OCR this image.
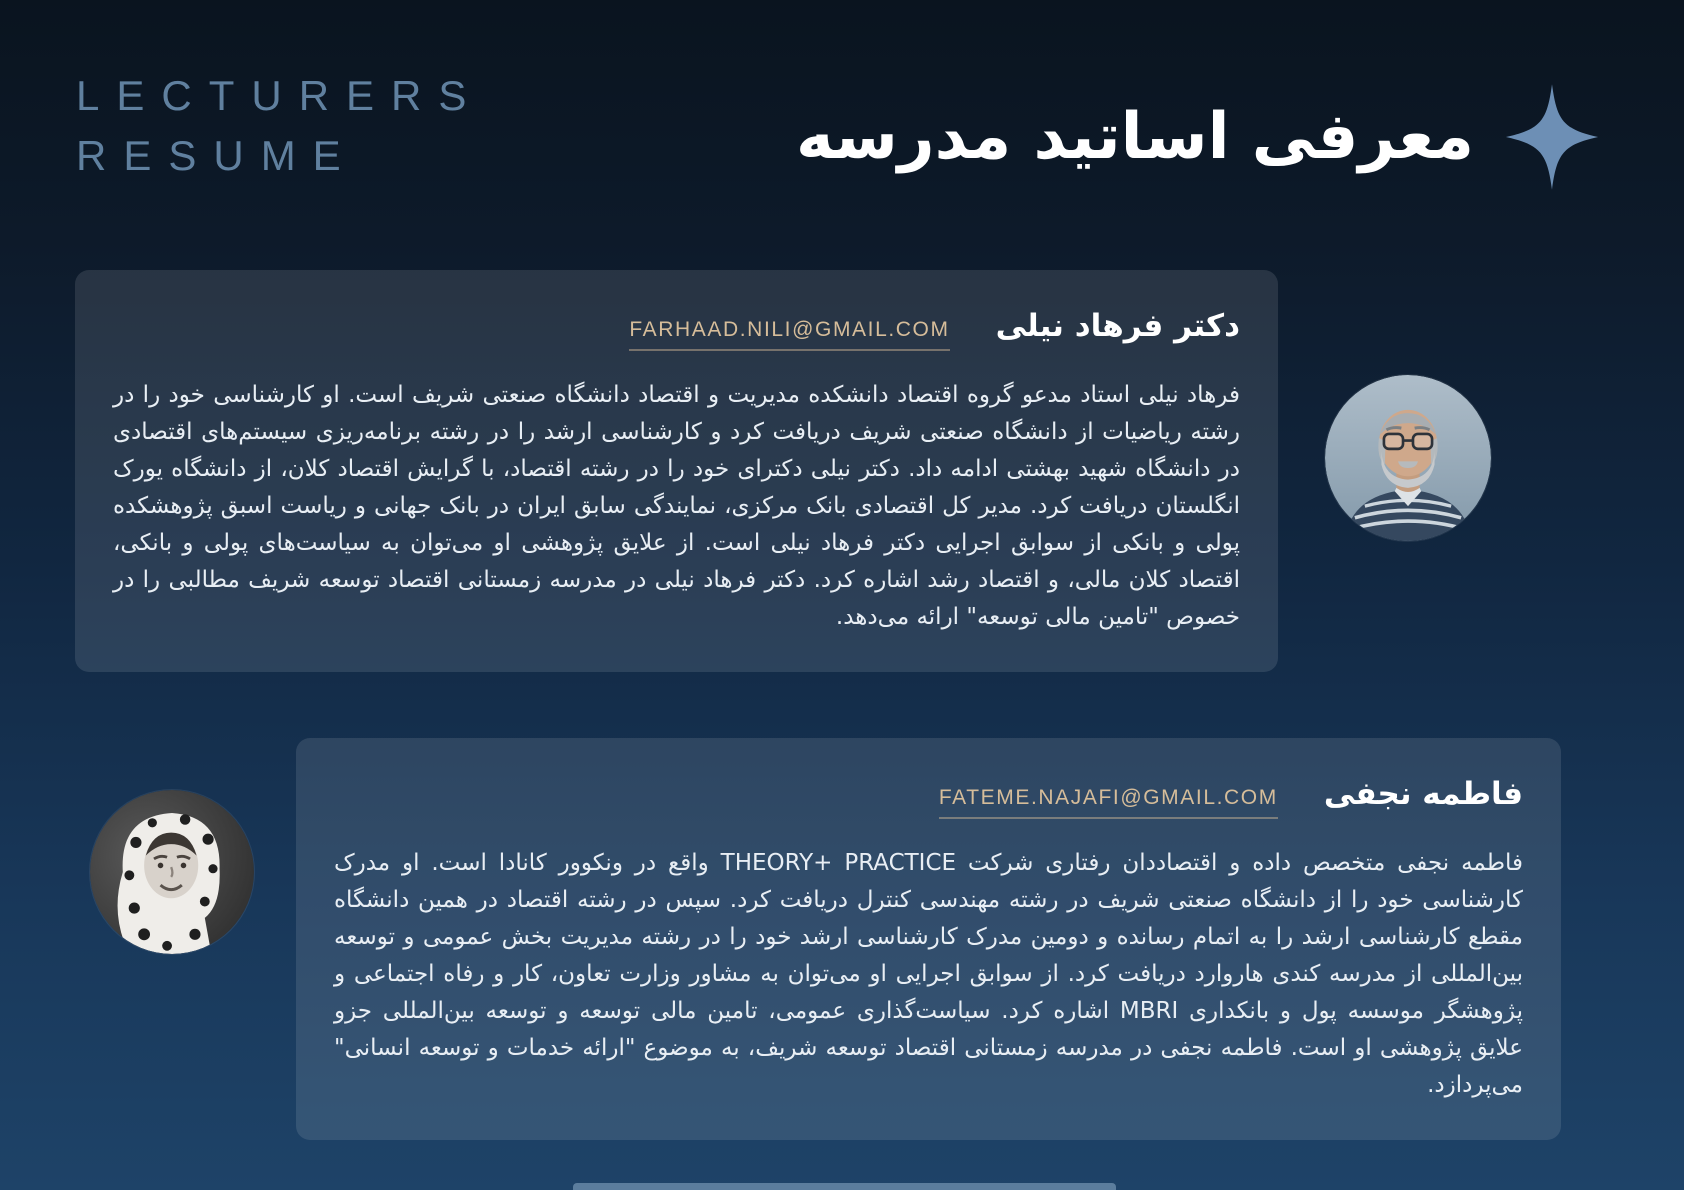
LECTURERS
RESUME	معرفی اساتید مدرسه
دکتر فرهاد نیلی
FARHAAD.NILI@GMAIL.COM
فرهاد نیلی استاد مدعو گروه اقتصاد دانشکده مدیریت و اقتصاد دانشگاه صنعتی شریف است. او کارشناسی خود را در رشته ریاضیات از دانشگاه صنعتی شریف دریافت کرد و کارشناسی ارشد را در رشته برنامه‌ریزی سیستم‌های اقتصادی در دانشگاه شهید بهشتی ادامه داد. دکتر نیلی دکترای خود را در رشته اقتصاد، با گرایش اقتصاد کلان، از دانشگاه یورک انگلستان دریافت کرد. مدیر کل اقتصادی بانک مرکزی، نمایندگی سابق ایران در بانک جهانی و ریاست اسبق پژوهشکده پولی و بانکی از سوابق اجرایی دکتر فرهاد نیلی است. از علایق پژوهشی او می‌توان به سیاست‌های پولی و بانکی، اقتصاد کلان مالی، و اقتصاد رشد اشاره کرد. دکتر فرهاد نیلی در مدرسه زمستانی اقتصاد توسعه شریف مطالبی را در خصوص "تامین مالی توسعه" ارائه می‌دهد.
فاطمه نجفی
FATEME.NAJAFI@GMAIL.COM
فاطمه نجفی متخصص داده و اقتصاددان رفتاری شرکت THEORY+ PRACTICE واقع در ونکوور کانادا است. او مدرک کارشناسی خود را از دانشگاه صنعتی شریف در رشته مهندسی کنترل دریافت کرد. سپس در رشته اقتصاد در همین دانشگاه مقطع کارشناسی ارشد را به اتمام رسانده و دومین مدرک کارشناسی ارشد خود را در رشته مدیریت بخش عمومی و توسعه بین‌المللی از مدرسه کندی هاروارد دریافت کرد. از سوابق اجرایی او می‌توان به مشاور وزارت تعاون، کار و رفاه اجتماعی و پژوهشگر موسسه پول و بانکداری MBRI اشاره کرد. سیاست‌گذاری عمومی، تامین مالی توسعه و توسعه بین‌المللی جزو علایق پژوهشی او است. فاطمه نجفی در مدرسه زمستانی اقتصاد توسعه شریف، به موضوع "ارائه خدمات و توسعه انسانی" می‌پردازد.
